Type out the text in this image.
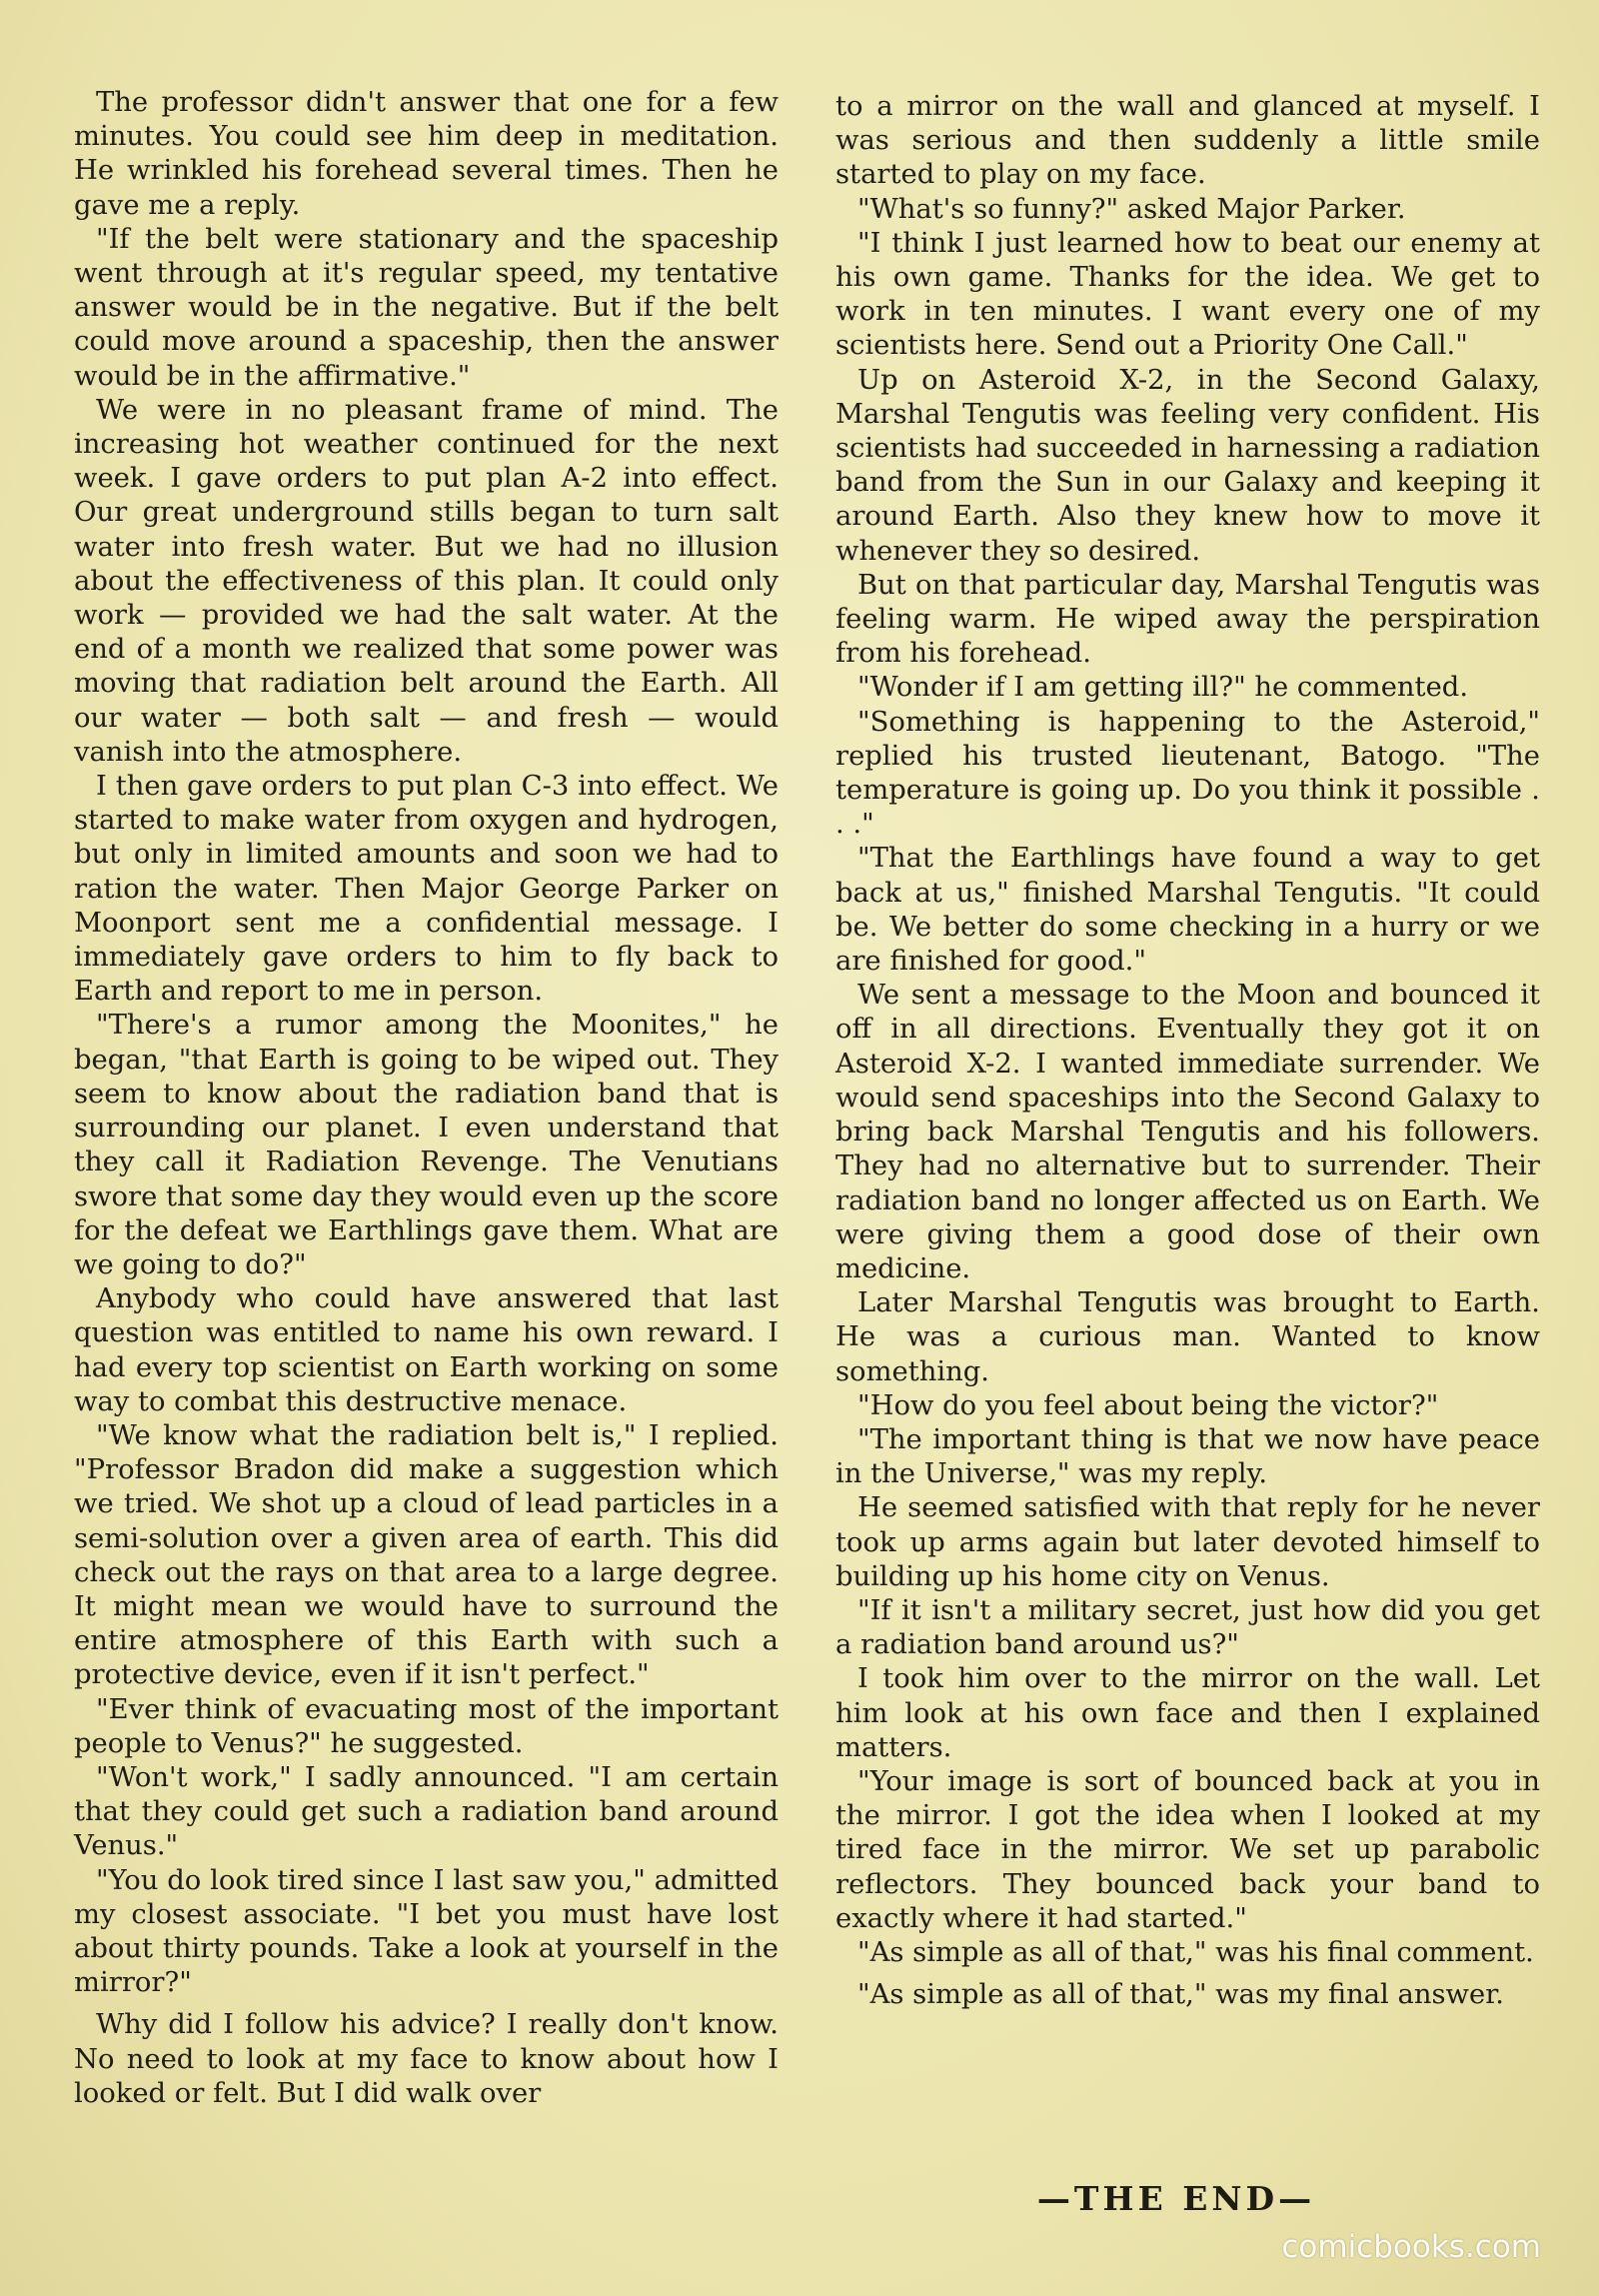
The professor didn't answer that one for a few minutes. You could see him deep in meditation. He wrinkled his forehead several times. Then he gave me a reply.

"If the belt were stationary and the spaceship went through at it's regular speed, my tentative answer would be in the negative. But if the belt could move around a spaceship, then the answer would be in the affirmative."

We were in no pleasant frame of mind. The increasing hot weather continued for the next week. I gave orders to put plan A-2 into effect. Our great underground stills began to turn salt water into fresh water. But we had no illusion about the effectiveness of this plan. It could only work — provided we had the salt water. At the end of a month we realized that some power was moving that radiation belt around the Earth. All our water — both salt — and fresh — would vanish into the atmosphere.

I then gave orders to put plan C-3 into effect. We started to make water from oxygen and hydrogen, but only in limited amounts and soon we had to ration the water. Then Major George Parker on Moonport sent me a confidential message. I immediately gave orders to him to fly back to Earth and report to me in person.

"There's a rumor among the Moonites," he began, "that Earth is going to be wiped out. They seem to know about the radiation band that is surrounding our planet. I even understand that they call it Radiation Revenge. The Venutians swore that some day they would even up the score for the defeat we Earthlings gave them. What are we going to do?"

Anybody who could have answered that last question was entitled to name his own reward. I had every top scientist on Earth working on some way to combat this destructive menace.

"We know what the radiation belt is," I replied. "Professor Bradon did make a suggestion which we tried. We shot up a cloud of lead particles in a semi-solution over a given area of earth. This did check out the rays on that area to a large degree. It might mean we would have to surround the entire atmosphere of this Earth with such a protective device, even if it isn't perfect."

"Ever think of evacuating most of the important people to Venus?" he suggested.

"Won't work," I sadly announced. "I am certain that they could get such a radiation band around Venus."

"You do look tired since I last saw you," admitted my closest associate. "I bet you must have lost about thirty pounds. Take a look at yourself in the mirror?"

Why did I follow his advice? I really don't know. No need to look at my face to know about how I looked or felt. But I did walk over

to a mirror on the wall and glanced at myself. I was serious and then suddenly a little smile started to play on my face.

"What's so funny?" asked Major Parker.

"I think I just learned how to beat our enemy at his own game. Thanks for the idea. We get to work in ten minutes. I want every one of my scientists here. Send out a Priority One Call."

Up on Asteroid X-2, in the Second Galaxy, Marshal Tengutis was feeling very confident. His scientists had succeeded in harnessing a radiation band from the Sun in our Galaxy and keeping it around Earth. Also they knew how to move it whenever they so desired.

But on that particular day, Marshal Tengutis was feeling warm. He wiped away the perspiration from his forehead.

"Wonder if I am getting ill?" he commented.

"Something is happening to the Asteroid," replied his trusted lieutenant, Batogo. "The temperature is going up. Do you think it possible . . ."

"That the Earthlings have found a way to get back at us," finished Marshal Tengutis. "It could be. We better do some checking in a hurry or we are finished for good."

We sent a message to the Moon and bounced it off in all directions. Eventually they got it on Asteroid X-2. I wanted immediate surrender. We would send spaceships into the Second Galaxy to bring back Marshal Tengutis and his followers. They had no alternative but to surrender. Their radiation band no longer affected us on Earth. We were giving them a good dose of their own medicine.

Later Marshal Tengutis was brought to Earth. He was a curious man. Wanted to know something.

"How do you feel about being the victor?"

"The important thing is that we now have peace in the Universe," was my reply.

He seemed satisfied with that reply for he never took up arms again but later devoted himself to building up his home city on Venus.

"If it isn't a military secret, just how did you get a radiation band around us?"

I took him over to the mirror on the wall. Let him look at his own face and then I explained matters.

"Your image is sort of bounced back at you in the mirror. I got the idea when I looked at my tired face in the mirror. We set up parabolic reflectors. They bounced back your band to exactly where it had started."

"As simple as all of that," was his final comment.

"As simple as all of that," was my final answer.

—THE END—
comicbooks.com
